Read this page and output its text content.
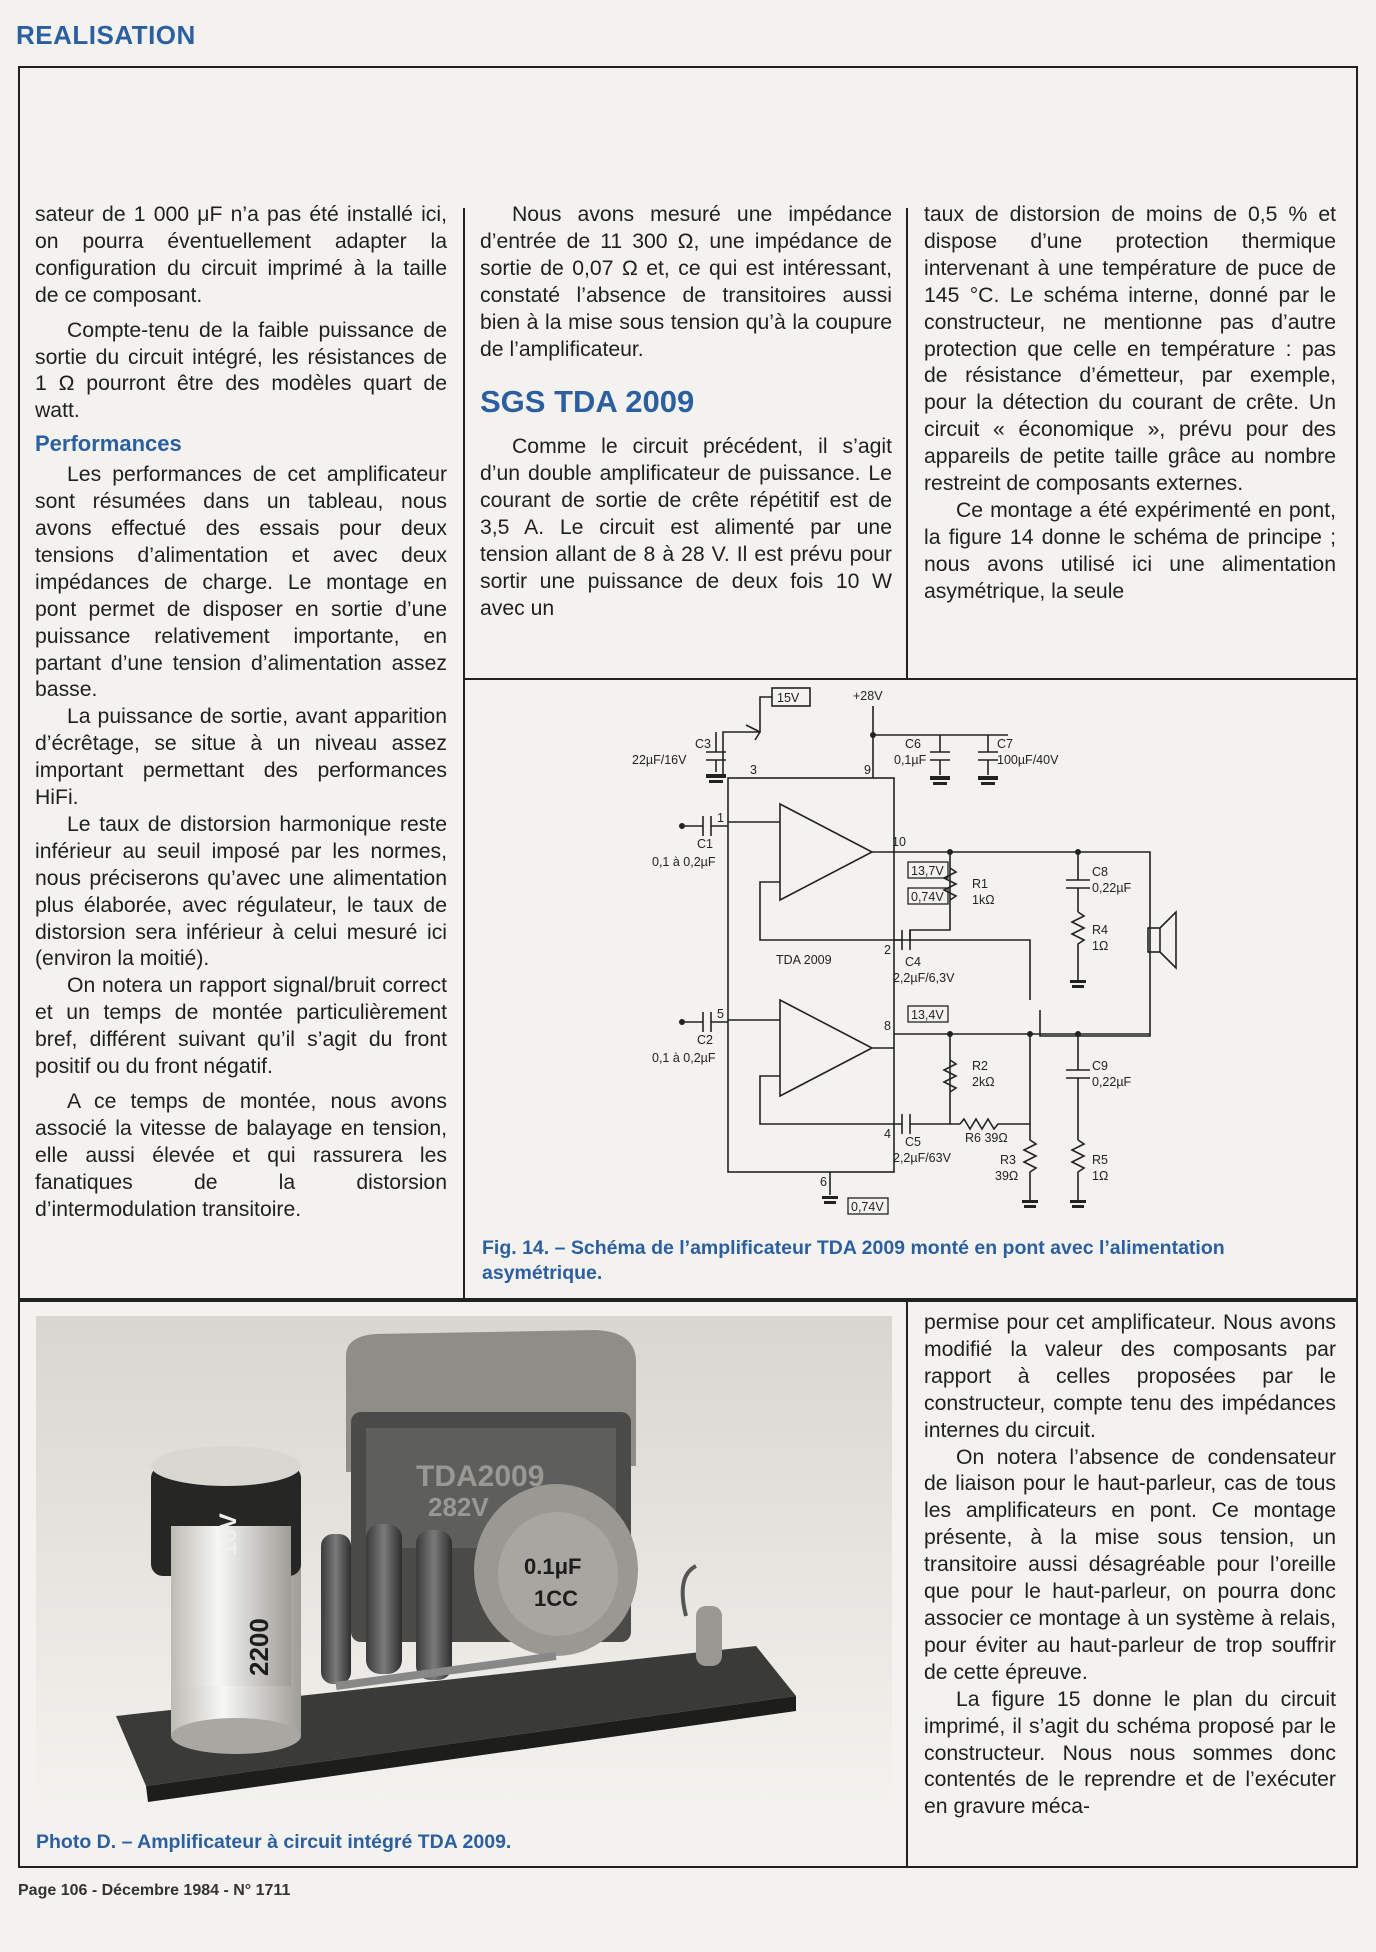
REALISATION

sateur de 1 000 μF n’a pas été installé ici, on pourra éventuellement adapter la configuration du circuit imprimé à la taille de ce composant.

Compte-tenu de la faible puissance de sortie du circuit intégré, les résistances de 1 Ω pourront être des modèles quart de watt.

Performances

Les performances de cet amplificateur sont résumées dans un tableau, nous avons effectué des essais pour deux tensions d’alimentation et avec deux impédances de charge. Le montage en pont permet de disposer en sortie d’une puissance relativement importante, en partant d’une tension d’alimentation assez basse.

La puissance de sortie, avant apparition d’écrêtage, se situe à un niveau assez important permettant des performances HiFi.

Le taux de distorsion harmonique reste inférieur au seuil imposé par les normes, nous préciserons qu’avec une alimentation plus élaborée, avec régulateur, le taux de distorsion sera inférieur à celui mesuré ici (environ la moitié).

On notera un rapport signal/bruit correct et un temps de montée particulièrement bref, différent suivant qu’il s’agit du front positif ou du front négatif.

A ce temps de montée, nous avons associé la vitesse de balayage en tension, elle aussi élevée et qui rassurera les fanatiques de la distorsion d’intermodulation transitoire.

Nous avons mesuré une impédance d’entrée de 11 300 Ω, une impédance de sortie de 0,07 Ω et, ce qui est intéressant, constaté l’absence de transitoires aussi bien à la mise sous tension qu’à la coupure de l’amplificateur.

SGS TDA 2009

Comme le circuit précédent, il s’agit d’un double amplificateur de puissance. Le courant de sortie de crête répétitif est de 3,5 A. Le circuit est alimenté par une tension allant de 8 à 28 V. Il est prévu pour sortir une puissance de deux fois 10 W avec un

taux de distorsion de moins de 0,5 % et dispose d’une protection thermique intervenant à une température de puce de 145 °C. Le schéma interne, donné par le constructeur, ne mentionne pas d’autre protection que celle en température : pas de résistance d’émetteur, par exemple, pour la détection du courant de crête. Un circuit « économique », prévu pour des appareils de petite taille grâce au nombre restreint de composants externes.

Ce montage a été expérimenté en pont, la figure 14 donne le schéma de principe ; nous avons utilisé ici une alimentation asymétrique, la seule

15V	+28V
C3
22µF/16V
C6
0,1µF
C7
100µF/40V
C1
0,1 à 0,2µF
C2
0,1 à 0,2µF
13,7V
0,74V
13,4V
0,74V
R1
1kΩ
C8
0,22µF
R4
1Ω
C4
2,2µF/6,3V
TDA 2009
R2
2kΩ
C9
0,22µF
C5
2,2µF/63V
R6 39Ω
R3
39Ω
R5
1Ω
1
2
3
4
5
6
8
9
10
Fig. 14. – Schéma de l’amplificateur TDA 2009 monté en pont avec l’alimentation asymétrique.
TDA2009
282V
0.1μF
1CC
2200
16V
Photo D. – Amplificateur à circuit intégré TDA 2009.

permise pour cet amplificateur. Nous avons modifié la valeur des composants par rapport à celles proposées par le constructeur, compte tenu des impédances internes du circuit.

On notera l’absence de condensateur de liaison pour le haut-parleur, cas de tous les amplificateurs en pont. Ce montage présente, à la mise sous tension, un transitoire aussi désagréable pour l’oreille que pour le haut-parleur, on pourra donc associer ce montage à un système à relais, pour éviter au haut-parleur de trop souffrir de cette épreuve.

La figure 15 donne le plan du circuit imprimé, il s’agit du schéma proposé par le constructeur. Nous nous sommes donc contentés de le reprendre et de l’exécuter en gravure méca-

Page 106 - Décembre 1984 - N° 1711
